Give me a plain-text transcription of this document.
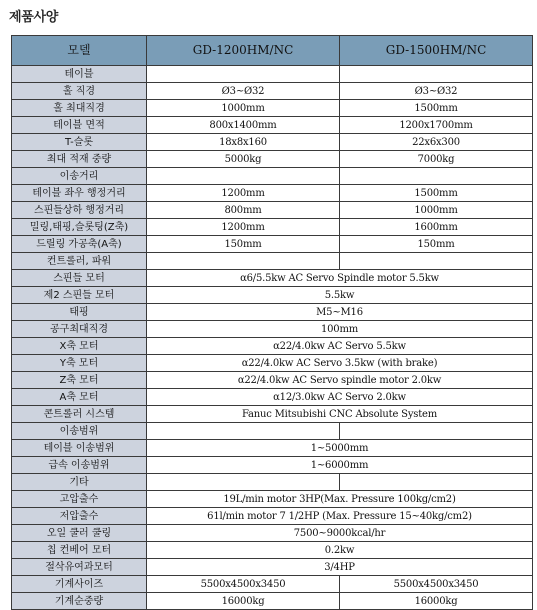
제품사양
모델	GD-1200HM/NC	GD-1500HM/NC
테이블		
홀 직경	Ø3~Ø32	Ø3~Ø32
홀 최대직경	1000mm	1500mm
테이블 면적	800x1400mm	1200x1700mm
T-슬롯	18x8x160	22x6x300
최대 적재 중량	5000kg	7000kg
이송거리		
테이블 좌우 행정거리	1200mm	1500mm
스핀들상하 행정거리	800mm	1000mm
밀링,태핑,슬롯팅(Z축)	1200mm	1600mm
드릴링 가공축(A축)	150mm	150mm
컨트롤러, 파워		
스핀들 모터	α6/5.5kw AC Servo Spindle motor 5.5kw	
제2 스핀들 모터	5.5kw	
태핑	M5~M16	
공구최대직경	100mm	
X축 모터	α22/4.0kw AC Servo 5.5kw	
Y축 모터	α22/4.0kw AC Servo 3.5kw (with brake)	
Z축 모터	α22/4.0kw AC Servo spindle motor 2.0kw	
A축 모터	α12/3.0kw AC Servo 2.0kw	
콘트롤러 시스템	Fanuc Mitsubishi CNC Absolute System	
이송범위		
테이블 이송범위	1~5000mm	
급속 이송범위	1~6000mm	
기타		
고압출수	19L/min motor 3HP(Max. Pressure 100kg/cm2)	
저압출수	61l/min motor 7 1/2HP (Max. Pressure 15~40kg/cm2)	
오일 쿨러 쿨링	7500~9000kcal/hr	
칩 컨베어 모터	0.2kw	
절삭유여과모터	3/4HP	
기계사이즈	5500x4500x3450	5500x4500x3450
기계순중량	16000kg	16000kg
